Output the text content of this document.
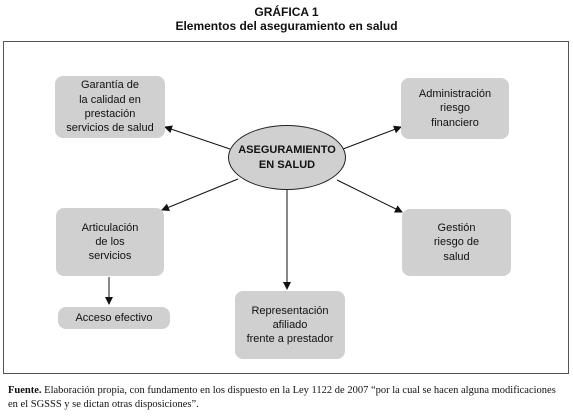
GRÁFICA 1
Elementos del aseguramiento en salud
ASEGURAMIENTO
EN SALUD
Garantía de
la calidad en
prestación
servicios de salud
Administración
riesgo
financiero
Articulación
de los
servicios
Acceso efectivo
Representación
afiliado
frente a prestador
Gestión
riesgo de
salud
Fuente. Elaboración propia, con fundamento en los dispuesto en la Ley 1122 de 2007 “por la cual se hacen alguna modificaciones en el SGSSS y se dictan otras disposiciones”.
